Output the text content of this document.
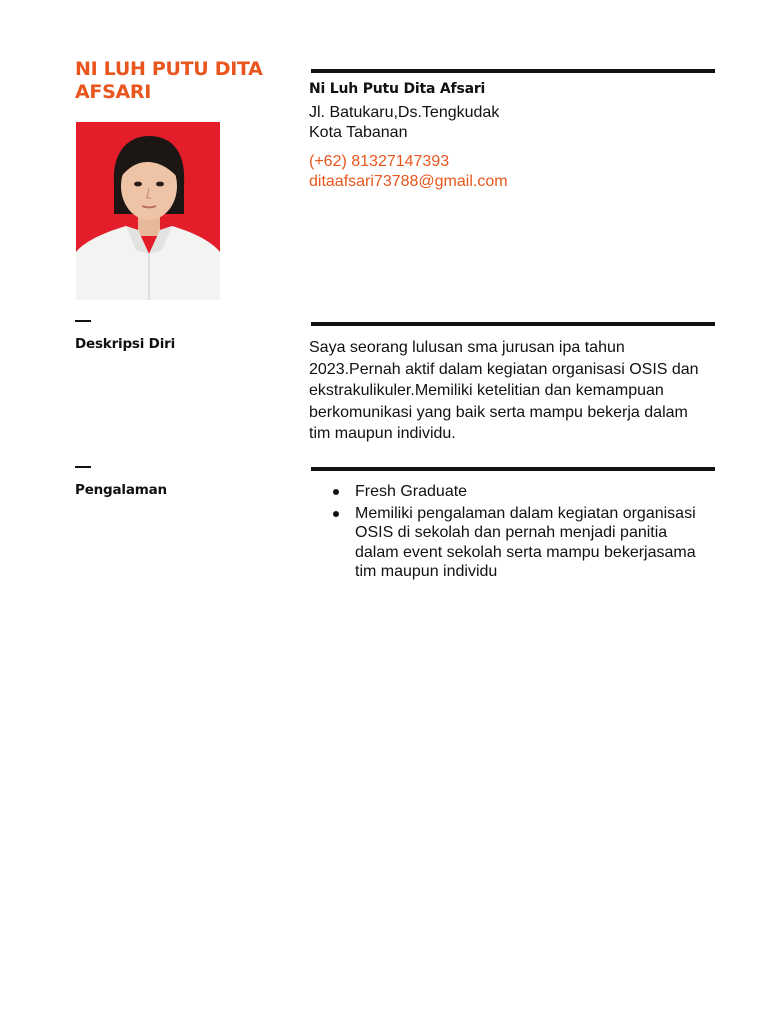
NI LUH PUTU DITA AFSARI
Deskripsi Diri
Pengalaman
Ni Luh Putu Dita Afsari
Jl. Batukaru,Ds.Tengkudak
Kota Tabanan
(+62) 81327147393
ditaafsari73788@gmail.com
Saya seorang lulusan sma jurusan ipa tahun 2023.Pernah aktif dalam kegiatan organisasi OSIS dan ekstrakulikuler.Memiliki ketelitian dan kemampuan berkomunikasi yang baik serta mampu bekerja dalam tim maupun individu.
Fresh Graduate
Memiliki pengalaman dalam kegiatan organisasi OSIS di sekolah dan pernah menjadi panitia dalam event sekolah serta mampu bekerjasama tim maupun individu
